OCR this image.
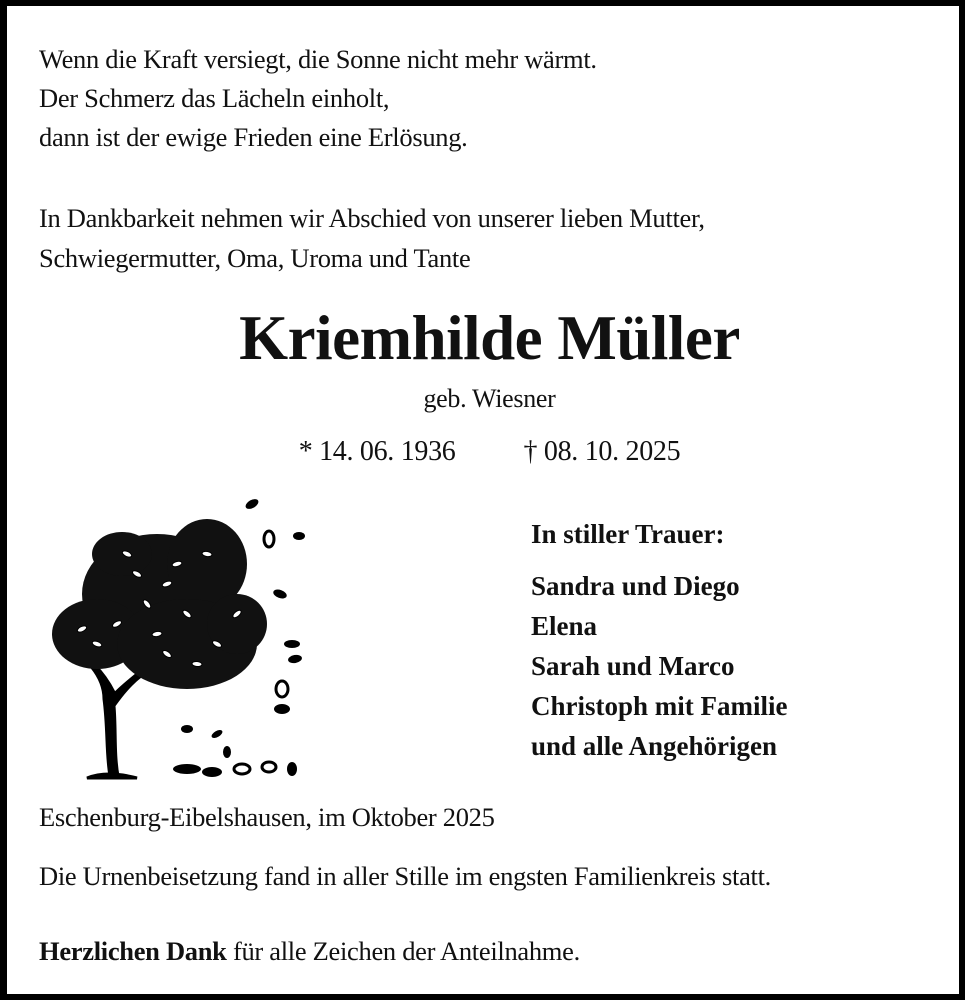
Wenn die Kraft versiegt, die Sonne nicht mehr wärmt.
Der Schmerz das Lächeln einholt,
dann ist der ewige Frieden eine Erlösung.
In Dankbarkeit nehmen wir Abschied von unserer lieben Mutter,
Schwiegermutter, Oma, Uroma und Tante
Kriemhilde Müller
geb. Wiesner
* 14. 06. 1936 † 08. 10. 2025
In stiller Trauer:
Sandra und Diego
Elena
Sarah und Marco
Christoph mit Familie
und alle Angehörigen
Eschenburg-Eibelshausen, im Oktober 2025
Die Urnenbeisetzung fand in aller Stille im engsten Familienkreis statt.
Herzlichen Dank für alle Zeichen der Anteilnahme.
